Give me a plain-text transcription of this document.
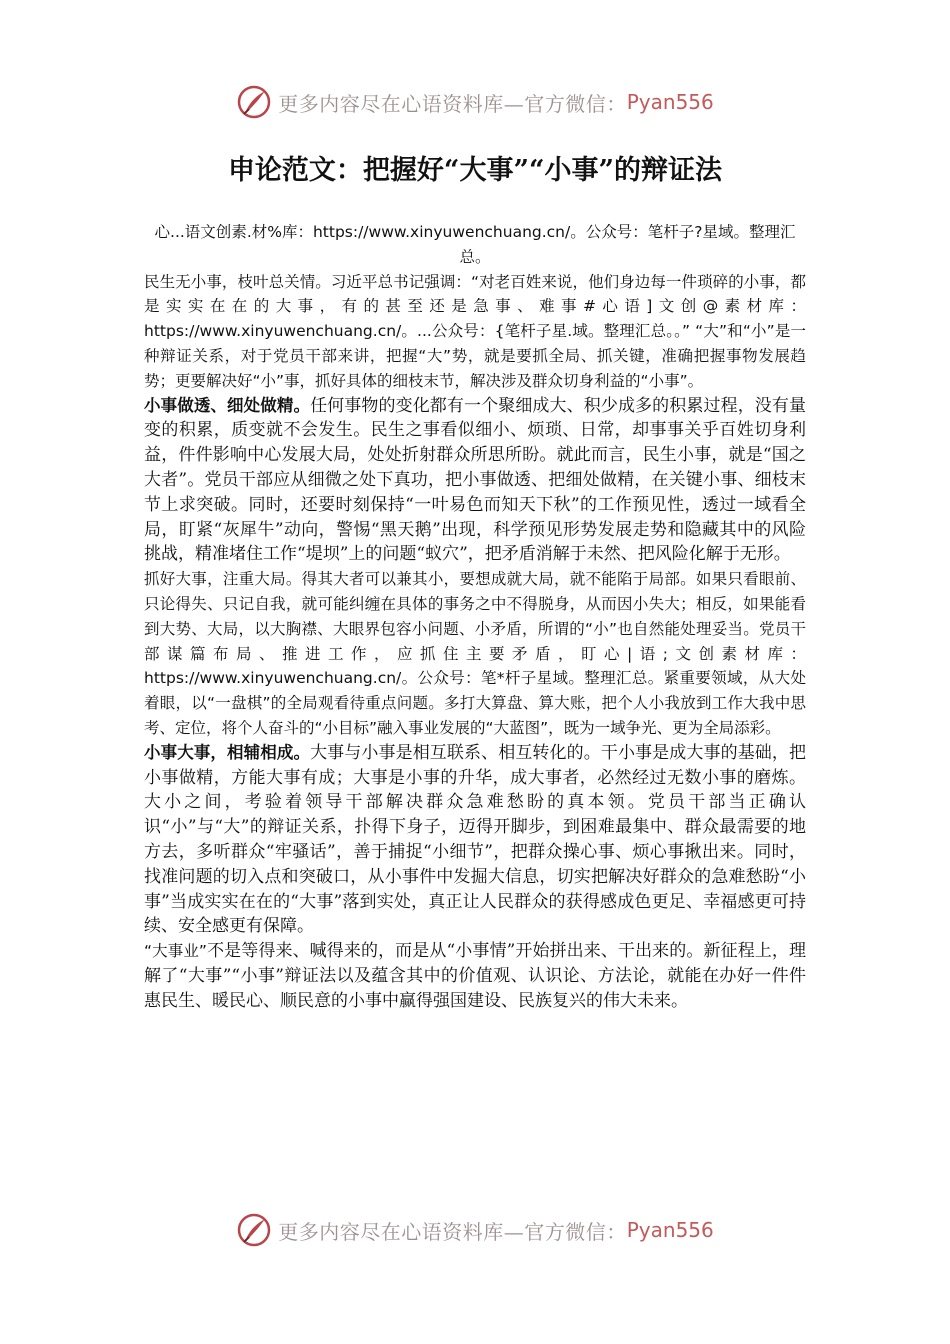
更多内容尽在心语资料库—官方微信： Pyan556
申论范文：把握好“大事”“小事”的辩证法

心...语文创素.材%库：https://www.xinyuwenchuang.cn/。公众号：笔杆子?星域。整理汇总。

民生无小事，枝叶总关情。习近平总书记强调：“对老百姓来说，他们身边每一件琐碎的小事，都是实实在在的大事，有的甚至还是急事、难事#心语]文创@素材库：https://www.xinyuwenchuang.cn/。...公众号：{笔杆子星.域。整理汇总。。” “大”和“小”是一种辩证关系，对于党员干部来讲，把握“大”势，就是要抓全局、抓关键，准确把握事物发展趋势；更要解决好“小”事，抓好具体的细枝末节，解决涉及群众切身利益的“小事”。

小事做透、细处做精。任何事物的变化都有一个聚细成大、积少成多的积累过程，没有量变的积累，质变就不会发生。民生之事看似细小、烦琐、日常，却事事关乎百姓切身利益，件件影响中心发展大局，处处折射群众所思所盼。就此而言，民生小事，就是“国之大者”。党员干部应从细微之处下真功，把小事做透、把细处做精，在关键小事、细枝末节上求突破。同时，还要时刻保持“一叶易色而知天下秋”的工作预见性，透过一域看全局，盯紧“灰犀牛”动向，警惕“黑天鹅”出现，科学预见形势发展走势和隐藏其中的风险挑战，精准堵住工作“堤坝”上的问题“蚁穴”，把矛盾消解于未然、把风险化解于无形。

抓好大事，注重大局。得其大者可以兼其小，要想成就大局，就不能陷于局部。如果只看眼前、只论得失、只记自我，就可能纠缠在具体的事务之中不得脱身，从而因小失大；相反，如果能看到大势、大局，以大胸襟、大眼界包容小问题、小矛盾，所谓的“小”也自然能处理妥当。党员干部谋篇布局、推进工作，应抓住主要矛盾，盯心|语;文创素材库：https://www.xinyuwenchuang.cn/。公众号：笔*杆子星域。整理汇总。紧重要领域，从大处着眼，以“一盘棋”的全局观看待重点问题。多打大算盘、算大账，把个人小我放到工作大我中思考、定位，将个人奋斗的“小目标”融入事业发展的“大蓝图”，既为一域争光、更为全局添彩。

小事大事，相辅相成。大事与小事是相互联系、相互转化的。干小事是成大事的基础，把小事做精，方能大事有成；大事是小事的升华，成大事者，必然经过无数小事的磨炼。大小之间，考验着领导干部解决群众急难愁盼的真本领。党员干部当正确认识“小”与“大”的辩证关系，扑得下身子，迈得开脚步，到困难最集中、群众最需要的地方去，多听群众“牢骚话”，善于捕捉“小细节”，把群众操心事、烦心事揪出来。同时，找准问题的切入点和突破口，从小事件中发掘大信息，切实把解决好群众的急难愁盼“小事”当成实实在在的“大事”落到实处，真正让人民群众的获得感成色更足、幸福感更可持续、安全感更有保障。

“大事业”不是等得来、喊得来的，而是从“小事情”开始拼出来、干出来的。新征程上，理解了“大事”“小事”辩证法以及蕴含其中的价值观、认识论、方法论，就能在办好一件件惠民生、暖民心、顺民意的小事中赢得强国建设、民族复兴的伟大未来。

更多内容尽在心语资料库—官方微信： Pyan556
